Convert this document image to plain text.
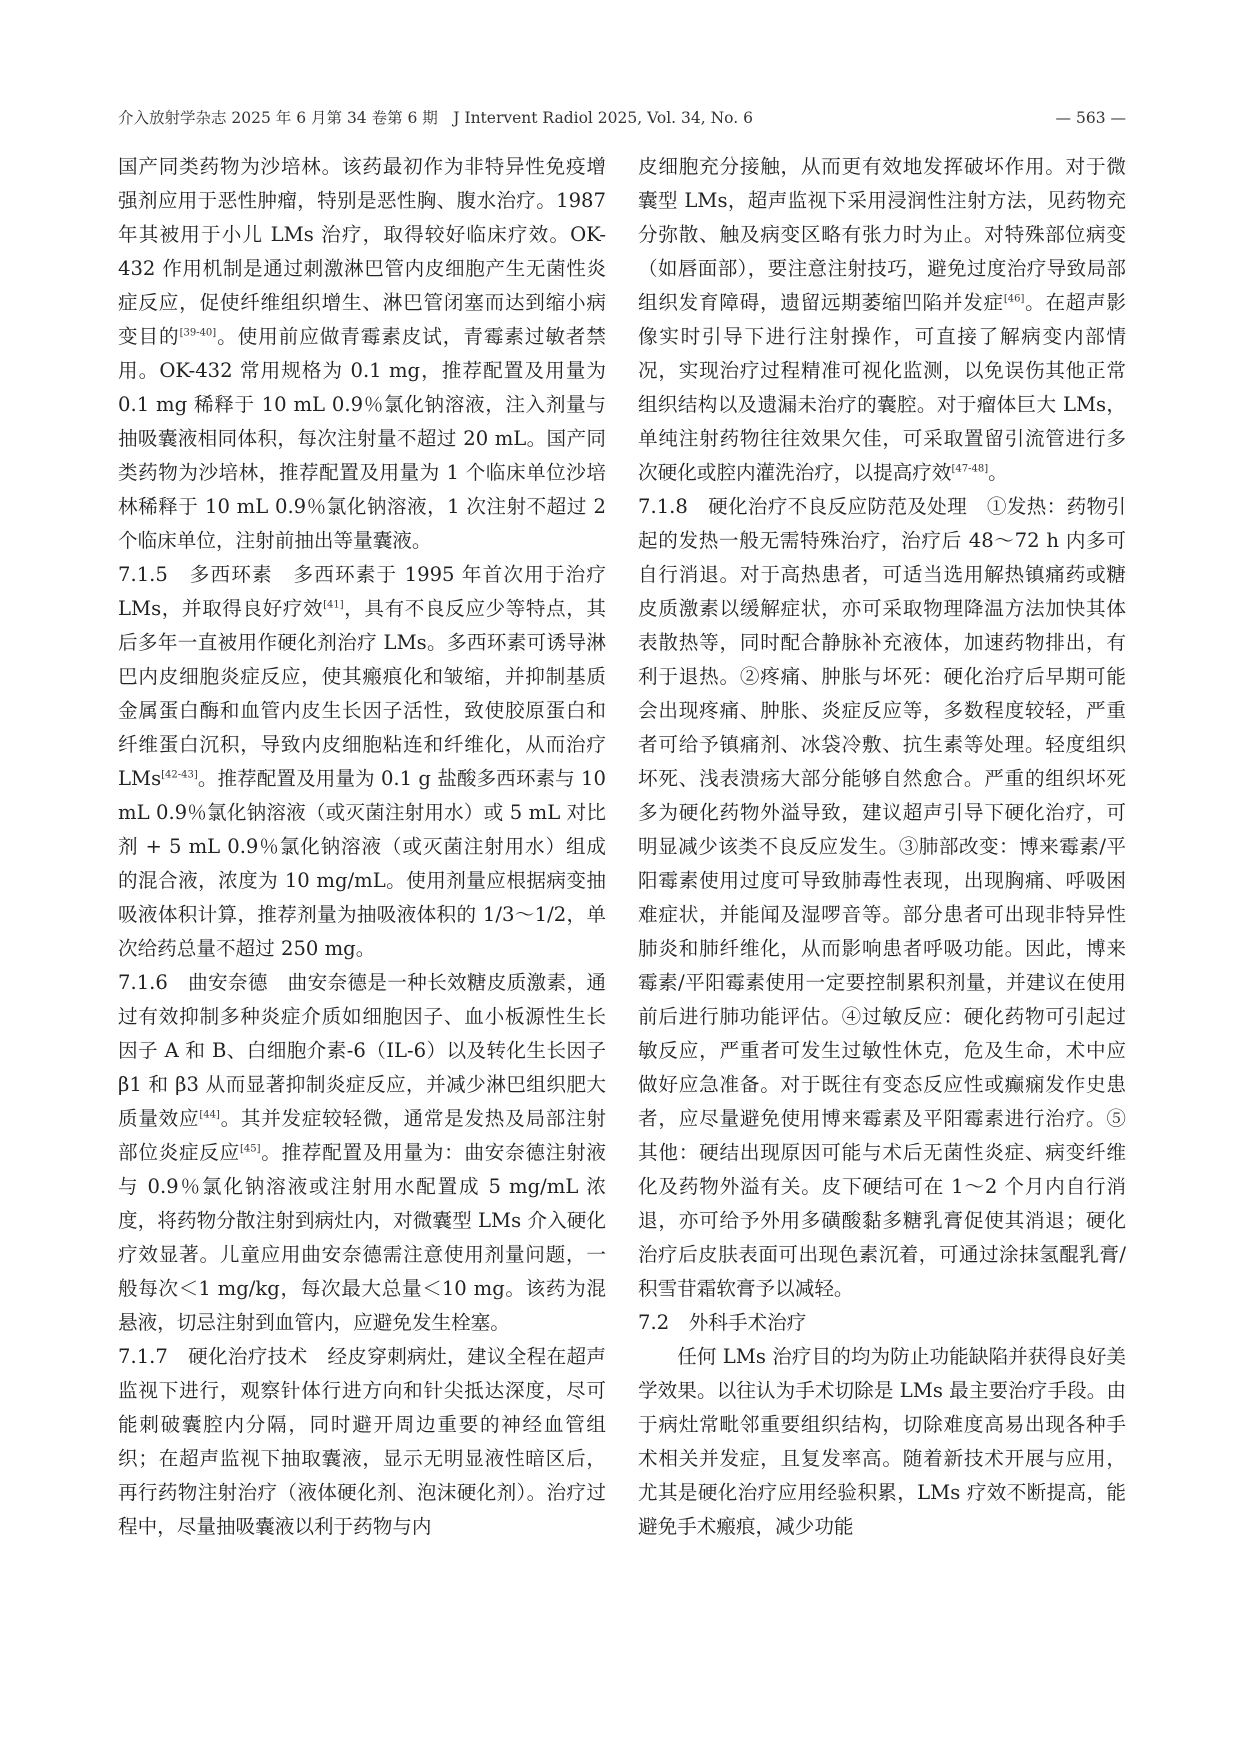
介入放射学杂志 2025 年 6 月第 34 卷第 6 期　J Intervent Radiol 2025, Vol. 34, No. 6	— 563 —

国产同类药物为沙培林。该药最初作为非特异性免疫增强剂应用于恶性肿瘤，特别是恶性胸、腹水治疗。1987 年其被用于小儿 LMs 治疗，取得较好临床疗效。OK-432 作用机制是通过刺激淋巴管内皮细胞产生无菌性炎症反应，促使纤维组织增生、淋巴管闭塞而达到缩小病变目的[39-40]。使用前应做青霉素皮试，青霉素过敏者禁用。OK-432 常用规格为 0.1 mg，推荐配置及用量为 0.1 mg 稀释于 10 mL 0.9％氯化钠溶液，注入剂量与抽吸囊液相同体积，每次注射量不超过 20 mL。国产同类药物为沙培林，推荐配置及用量为 1 个临床单位沙培林稀释于 10 mL 0.9％氯化钠溶液，1 次注射不超过 2 个临床单位，注射前抽出等量囊液。

7.1.5　多西环素 多西环素于 1995 年首次用于治疗 LMs，并取得良好疗效[41]，具有不良反应少等特点，其后多年一直被用作硬化剂治疗 LMs。多西环素可诱导淋巴内皮细胞炎症反应，使其瘢痕化和皱缩，并抑制基质金属蛋白酶和血管内皮生长因子活性，致使胶原蛋白和纤维蛋白沉积，导致内皮细胞粘连和纤维化，从而治疗 LMs[42-43]。推荐配置及用量为 0.1 g 盐酸多西环素与 10 mL 0.9％氯化钠溶液（或灭菌注射用水）或 5 mL 对比剂 + 5 mL 0.9％氯化钠溶液（或灭菌注射用水）组成的混合液，浓度为 10 mg/mL。使用剂量应根据病变抽吸液体积计算，推荐剂量为抽吸液体积的 1/3～1/2，单次给药总量不超过 250 mg。

7.1.6　曲安奈德 曲安奈德是一种长效糖皮质激素，通过有效抑制多种炎症介质如细胞因子、血小板源性生长因子 A 和 B、白细胞介素-6（IL-6）以及转化生长因子 β1 和 β3 从而显著抑制炎症反应，并减少淋巴组织肥大质量效应[44]。其并发症较轻微，通常是发热及局部注射部位炎症反应[45]。推荐配置及用量为：曲安奈德注射液与 0.9％氯化钠溶液或注射用水配置成 5 mg/mL 浓度，将药物分散注射到病灶内，对微囊型 LMs 介入硬化疗效显著。儿童应用曲安奈德需注意使用剂量问题，一般每次＜1 mg/kg，每次最大总量＜10 mg。该药为混悬液，切忌注射到血管内，应避免发生栓塞。

7.1.7　硬化治疗技术 经皮穿刺病灶，建议全程在超声监视下进行，观察针体行进方向和针尖抵达深度，尽可能刺破囊腔内分隔，同时避开周边重要的神经血管组织；在超声监视下抽取囊液，显示无明显液性暗区后，再行药物注射治疗（液体硬化剂、泡沫硬化剂）。治疗过程中，尽量抽吸囊液以利于药物与内

皮细胞充分接触，从而更有效地发挥破坏作用。对于微囊型 LMs，超声监视下采用浸润性注射方法，见药物充分弥散、触及病变区略有张力时为止。对特殊部位病变（如唇面部），要注意注射技巧，避免过度治疗导致局部组织发育障碍，遗留远期萎缩凹陷并发症[46]。在超声影像实时引导下进行注射操作，可直接了解病变内部情况，实现治疗过程精准可视化监测，以免误伤其他正常组织结构以及遗漏未治疗的囊腔。对于瘤体巨大 LMs，单纯注射药物往往效果欠佳，可采取置留引流管进行多次硬化或腔内灌洗治疗，以提高疗效[47-48]。

7.1.8　硬化治疗不良反应防范及处理 ①发热：药物引起的发热一般无需特殊治疗，治疗后 48～72 h 内多可自行消退。对于高热患者，可适当选用解热镇痛药或糖皮质激素以缓解症状，亦可采取物理降温方法加快其体表散热等，同时配合静脉补充液体，加速药物排出，有利于退热。②疼痛、肿胀与坏死：硬化治疗后早期可能会出现疼痛、肿胀、炎症反应等，多数程度较轻，严重者可给予镇痛剂、冰袋冷敷、抗生素等处理。轻度组织坏死、浅表溃疡大部分能够自然愈合。严重的组织坏死多为硬化药物外溢导致，建议超声引导下硬化治疗，可明显减少该类不良反应发生。③肺部改变：博来霉素/平阳霉素使用过度可导致肺毒性表现，出现胸痛、呼吸困难症状，并能闻及湿啰音等。部分患者可出现非特异性肺炎和肺纤维化，从而影响患者呼吸功能。因此，博来霉素/平阳霉素使用一定要控制累积剂量，并建议在使用前后进行肺功能评估。④过敏反应：硬化药物可引起过敏反应，严重者可发生过敏性休克，危及生命，术中应做好应急准备。对于既往有变态反应性或癫痫发作史患者，应尽量避免使用博来霉素及平阳霉素进行治疗。⑤其他：硬结出现原因可能与术后无菌性炎症、病变纤维化及药物外溢有关。皮下硬结可在 1～2 个月内自行消退，亦可给予外用多磺酸黏多糖乳膏促使其消退；硬化治疗后皮肤表面可出现色素沉着，可通过涂抹氢醌乳膏/积雪苷霜软膏予以减轻。

7.2　外科手术治疗

任何 LMs 治疗目的均为防止功能缺陷并获得良好美学效果。以往认为手术切除是 LMs 最主要治疗手段。由于病灶常毗邻重要组织结构，切除难度高易出现各种手术相关并发症，且复发率高。随着新技术开展与应用，尤其是硬化治疗应用经验积累，LMs 疗效不断提高，能避免手术瘢痕，减少功能
